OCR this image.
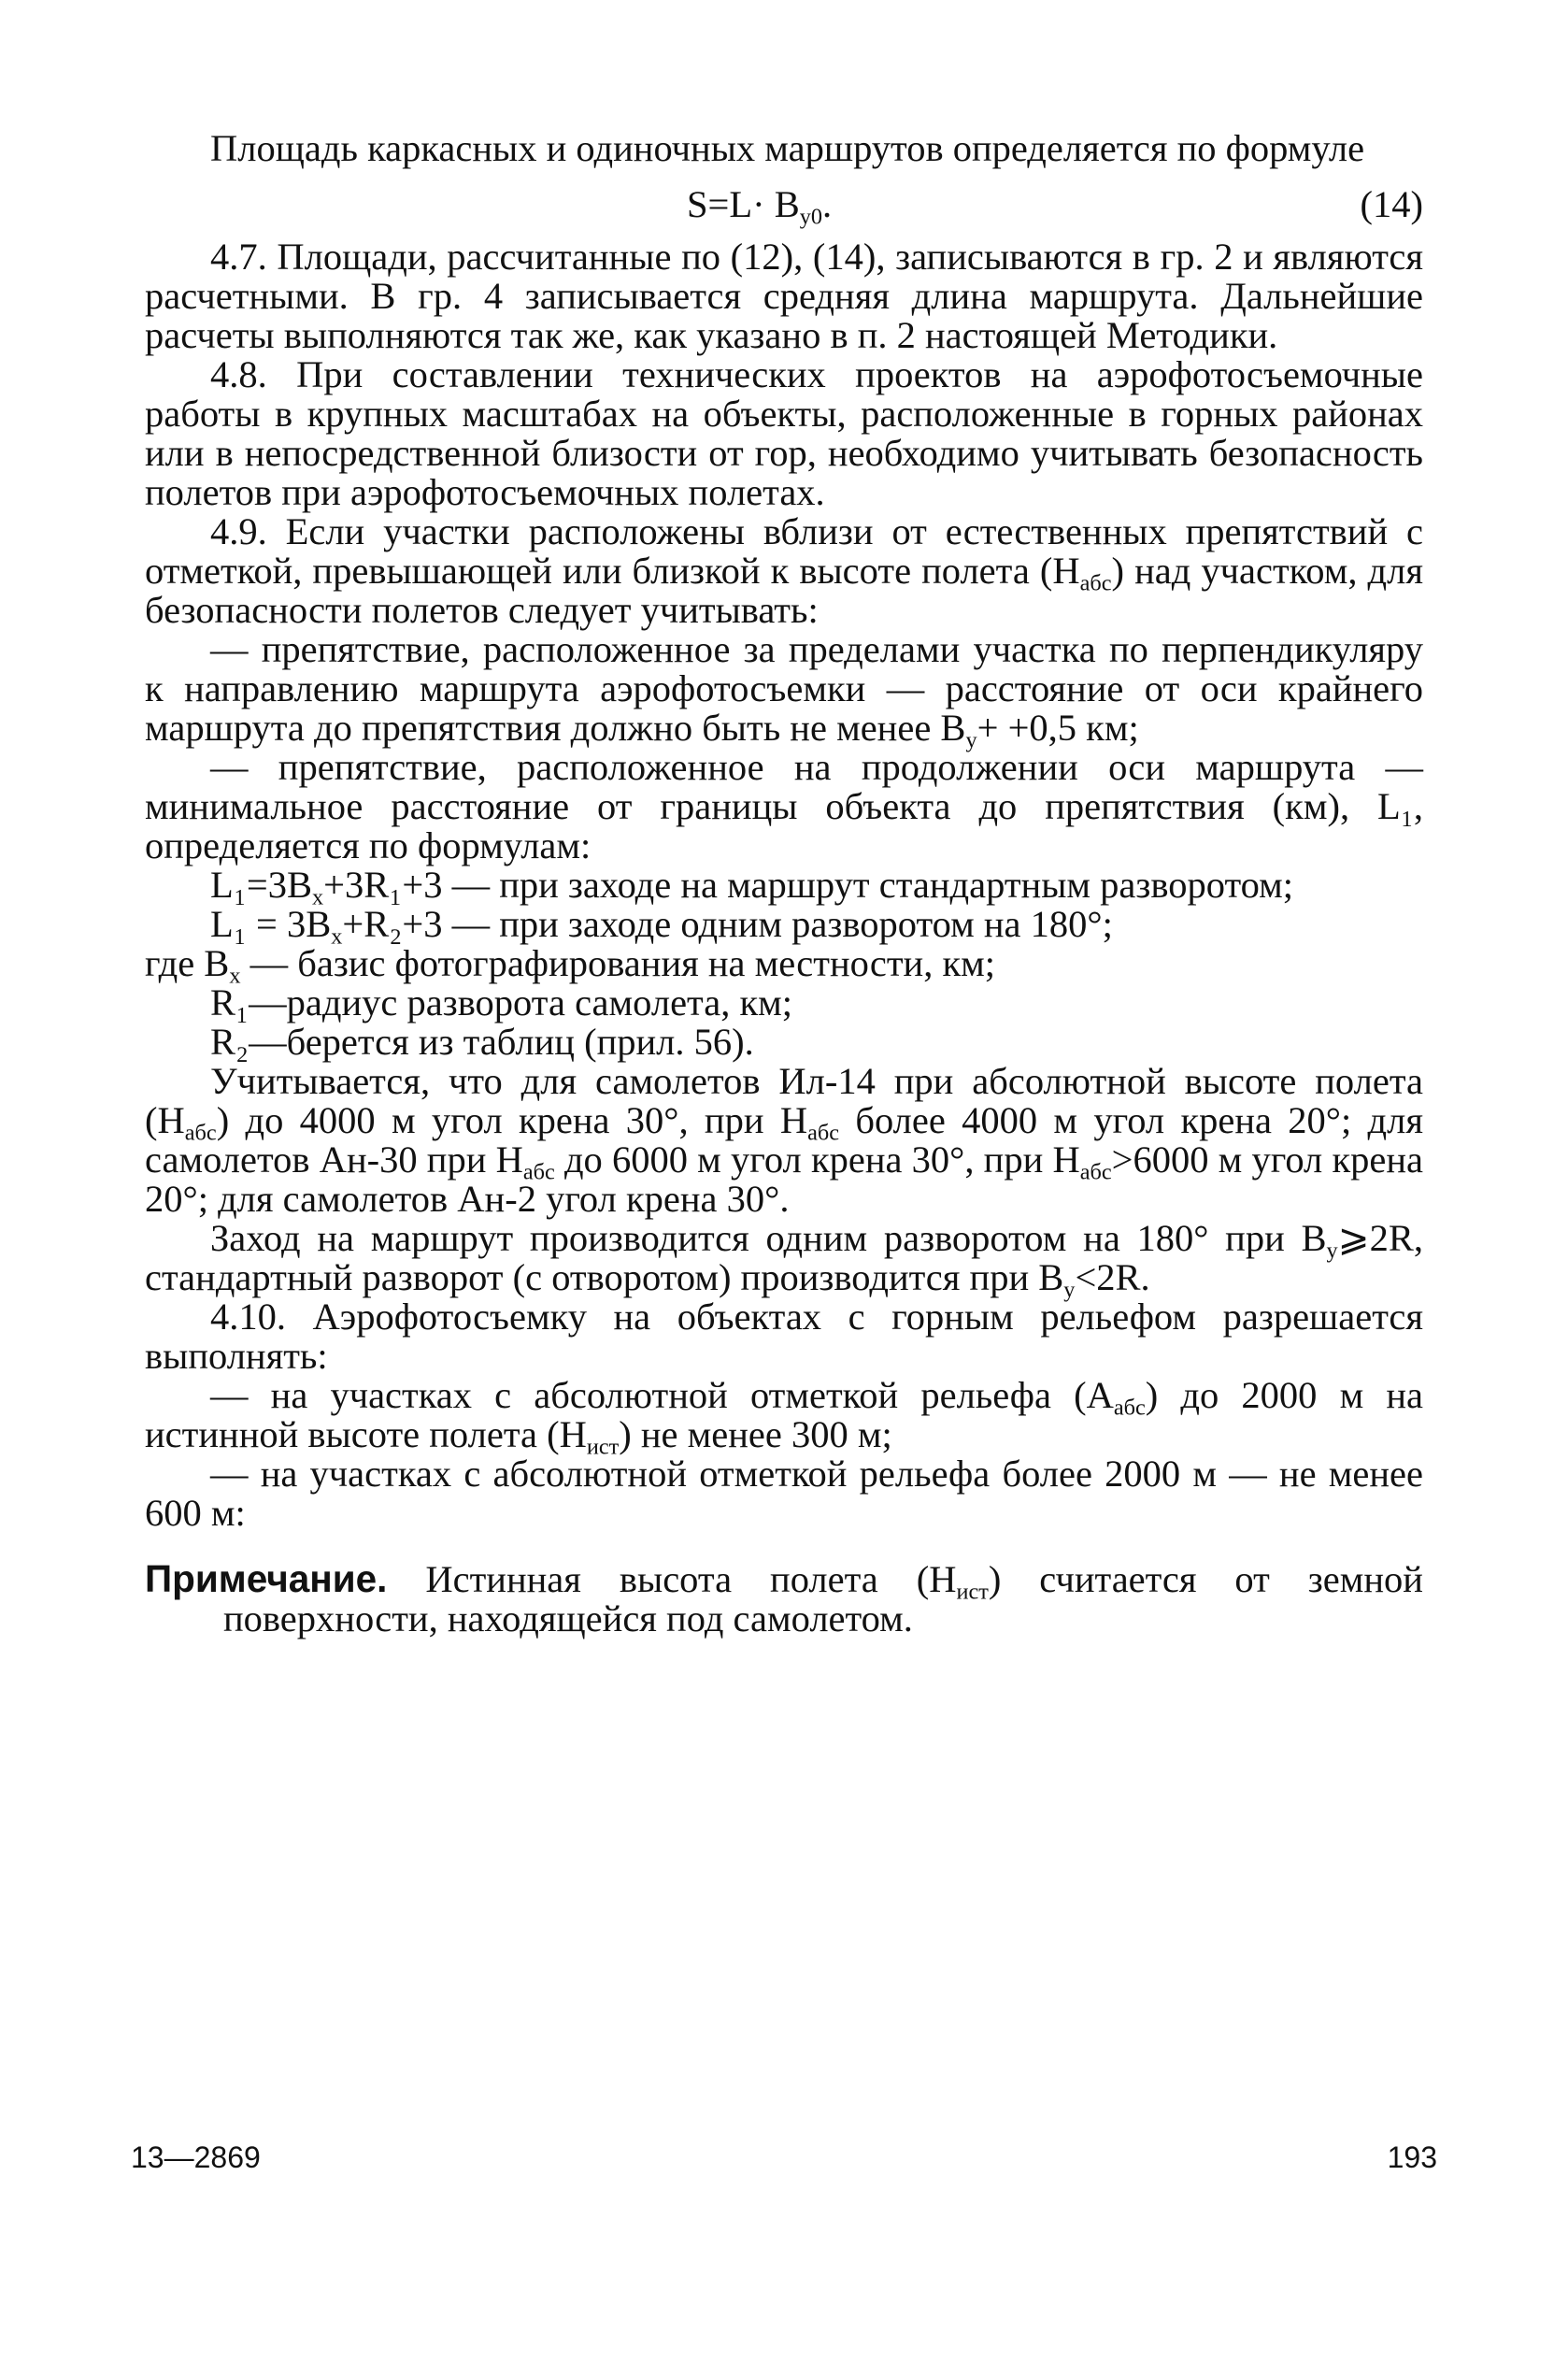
Площадь каркасных и одиночных маршрутов определяется по формуле

$S=L\cdot B_{у0}$.	(14)

4.7. Площади, рассчитанные по (12), (14), записываются в гр. 2 и являются расчетными. В гр. 4 записывается средняя длина маршрута. Дальнейшие расчеты выполняются так же, как указано в п. 2 настоящей Методики.

4.8. При составлении технических проектов на аэрофотосъемочные работы в крупных масштабах на объекты, расположенные в горных районах или в непосредственной близости от гор, необходимо учитывать безопасность полетов при аэрофотосъемочных полетах.

4.9. Если участки расположены вблизи от естественных препятствий с отметкой, превышающей или близкой к высоте полета $(H_{абс})$ над участком, для безопасности полетов следует учитывать:

— препятствие, расположенное за пределами участка по перпендикуляру к направлению маршрута аэрофотосъемки — расстояние от оси крайнего маршрута до препятствия должно быть не менее $B_y+ +0,5$ км;

— препятствие, расположенное на продолжении оси маршрута — минимальное расстояние от границы объекта до препятствия (км), L₁, определяется по формулам:

$L_1=3B_x+3R_1+3$ — при заходе на маршрут стандартным разворотом;

$L_1 = 3B_x+R_2+3$ — при заходе одним разворотом на 180°;

где $B_x$ — базис фотографирования на местности, км;

R₁—радиус разворота самолета, км;

R₂—берется из таблиц (прил. 56).

Учитывается, что для самолетов Ил-14 при абсолютной высоте полета $(H_{абс})$ до 4000 м угол крена 30°, при $H_{абс}$ более 4000 м угол крена 20°; для самолетов Ан-30 при $H_{абс}$ до 6000 м угол крена 30°, при $H_{абс}>6000$ м угол крена 20°; для самолетов Ан-2 угол крена 30°.

Заход на маршрут производится одним разворотом на 180° при $B_y⩾2R$, стандартный разворот (с отворотом) производится при $B_y<2R$.

4.10. Аэрофотосъемку на объектах с горным рельефом разрешается выполнять:

— на участках с абсолютной отметкой рельефа $(A_{абс})$ до 2000 м на истинной высоте полета $(H_{ист})$ не менее 300 м;

— на участках с абсолютной отметкой рельефа более 2000 м — не менее 600 м:

Примечание. Истинная высота полета $(H_{ист})$ считается от земной поверхности, находящейся под самолетом.

13—2869	193
